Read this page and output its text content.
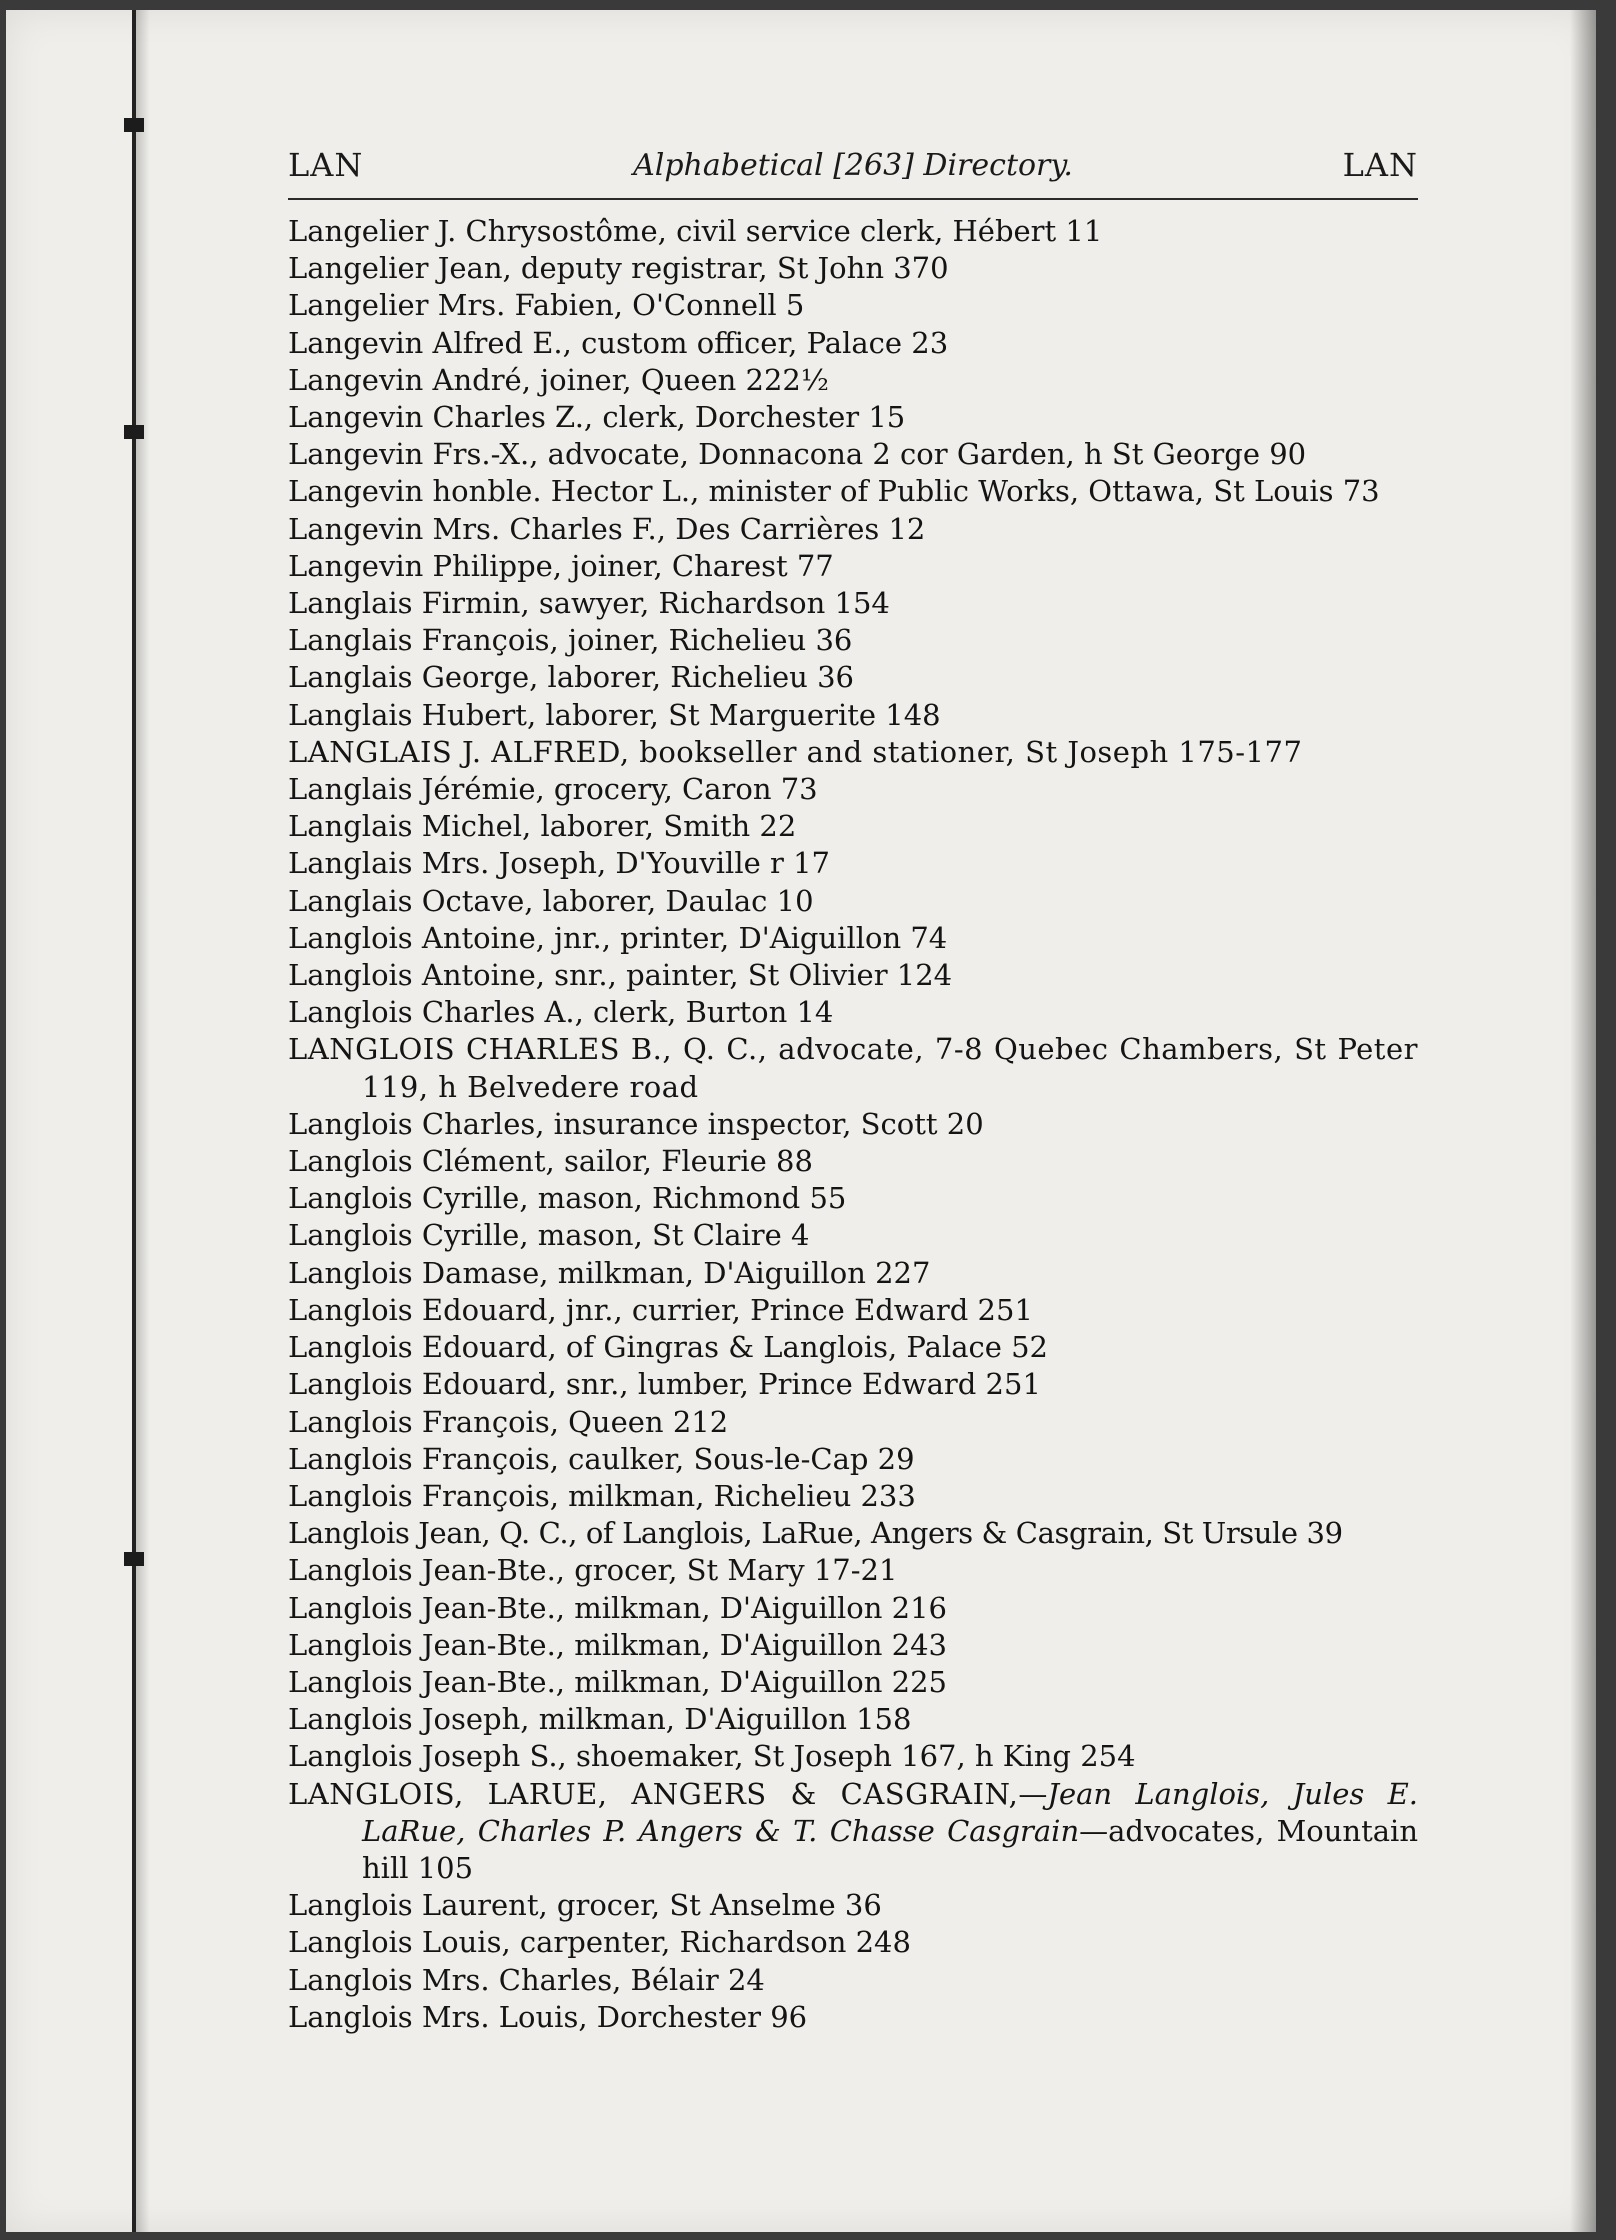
LAN	Alphabetical [263] Directory.	LAN
Langelier J. Chrysostôme, civil service clerk, Hébert 11
Langelier Jean, deputy registrar, St John 370
Langelier Mrs. Fabien, O'Connell 5
Langevin Alfred E., custom officer, Palace 23
Langevin André, joiner, Queen 222½
Langevin Charles Z., clerk, Dorchester 15
Langevin Frs.-X., advocate, Donnacona 2 cor Garden, h St George 90
Langevin honble. Hector L., minister of Public Works, Ottawa, St Louis 73
Langevin Mrs. Charles F., Des Carrières 12
Langevin Philippe, joiner, Charest 77
Langlais Firmin, sawyer, Richardson 154
Langlais François, joiner, Richelieu 36
Langlais George, laborer, Richelieu 36
Langlais Hubert, laborer, St Marguerite 148
LANGLAIS J. ALFRED, bookseller and stationer, St Joseph 175-177
Langlais Jérémie, grocery, Caron 73
Langlais Michel, laborer, Smith 22
Langlais Mrs. Joseph, D'Youville r 17
Langlais Octave, laborer, Daulac 10
Langlois Antoine, jnr., printer, D'Aiguillon 74
Langlois Antoine, snr., painter, St Olivier 124
Langlois Charles A., clerk, Burton 14
LANGLOIS CHARLES B., Q. C., advocate, 7-8 Quebec Chambers, St Peter 119, h Belvedere road
Langlois Charles, insurance inspector, Scott 20
Langlois Clément, sailor, Fleurie 88
Langlois Cyrille, mason, Richmond 55
Langlois Cyrille, mason, St Claire 4
Langlois Damase, milkman, D'Aiguillon 227
Langlois Edouard, jnr., currier, Prince Edward 251
Langlois Edouard, of Gingras & Langlois, Palace 52
Langlois Edouard, snr., lumber, Prince Edward 251
Langlois François, Queen 212
Langlois François, caulker, Sous-le-Cap 29
Langlois François, milkman, Richelieu 233
Langlois Jean, Q. C., of Langlois, LaRue, Angers & Casgrain, St Ursule 39
Langlois Jean-Bte., grocer, St Mary 17-21
Langlois Jean-Bte., milkman, D'Aiguillon 216
Langlois Jean-Bte., milkman, D'Aiguillon 243
Langlois Jean-Bte., milkman, D'Aiguillon 225
Langlois Joseph, milkman, D'Aiguillon 158
Langlois Joseph S., shoemaker, St Joseph 167, h King 254
LANGLOIS, LARUE, ANGERS & CASGRAIN,—Jean Langlois, Jules E. LaRue, Charles P. Angers & T. Chasse Casgrain—advocates, Mountain hill 105
Langlois Laurent, grocer, St Anselme 36
Langlois Louis, carpenter, Richardson 248
Langlois Mrs. Charles, Bélair 24
Langlois Mrs. Louis, Dorchester 96
